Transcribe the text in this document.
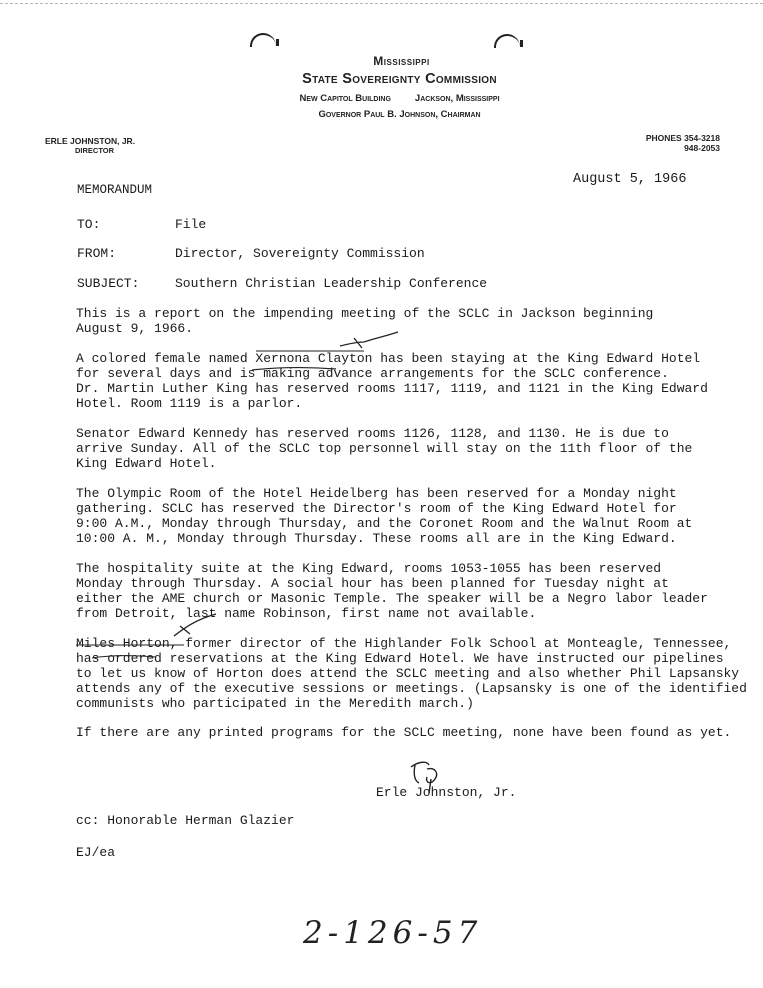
Mississippi
State Sovereignty Commission
New Capitol Building	Jackson, Mississippi
Governor Paul B. Johnson, Chairman
ERLE JOHNSTON, JR.
DIRECTOR
PHONES 354-3218
948-2053
August 5, 1966
MEMORANDUM
TO:	File
FROM:	Director, Sovereignty Commission
SUBJECT:	Southern Christian Leadership Conference
This is a report on the impending meeting of the SCLC in Jackson beginning
August 9, 1966.
A colored female named Xernona Clayton has been staying at the King Edward Hotel
for several days and is making advance arrangements for the SCLC conference.
Dr. Martin Luther King has reserved rooms 1117, 1119, and 1121 in the King Edward
Hotel. Room 1119 is a parlor.
Senator Edward Kennedy has reserved rooms 1126, 1128, and 1130. He is due to
arrive Sunday. All of the SCLC top personnel will stay on the 11th floor of the
King Edward Hotel.
The Olympic Room of the Hotel Heidelberg has been reserved for a Monday night
gathering. SCLC has reserved the Director's room of the King Edward Hotel for
9:00 A.M., Monday through Thursday, and the Coronet Room and the Walnut Room at
10:00 A. M., Monday through Thursday. These rooms all are in the King Edward.
The hospitality suite at the King Edward, rooms 1053-1055 has been reserved
Monday through Thursday. A social hour has been planned for Tuesday night at
either the AME church or Masonic Temple. The speaker will be a Negro labor leader
from Detroit, last name Robinson, first name not available.
Miles Horton, former director of the Highlander Folk School at Monteagle, Tennessee,
has ordered reservations at the King Edward Hotel. We have instructed our pipelines
to let us know of Horton does attend the SCLC meeting and also whether Phil Lapsansky
attends any of the executive sessions or meetings. (Lapsansky is one of the identified
communists who participated in the Meredith march.)
If there are any printed programs for the SCLC meeting, none have been found as yet.
Erle Johnston, Jr.
cc: Honorable Herman Glazier
EJ/ea
2-126-57
